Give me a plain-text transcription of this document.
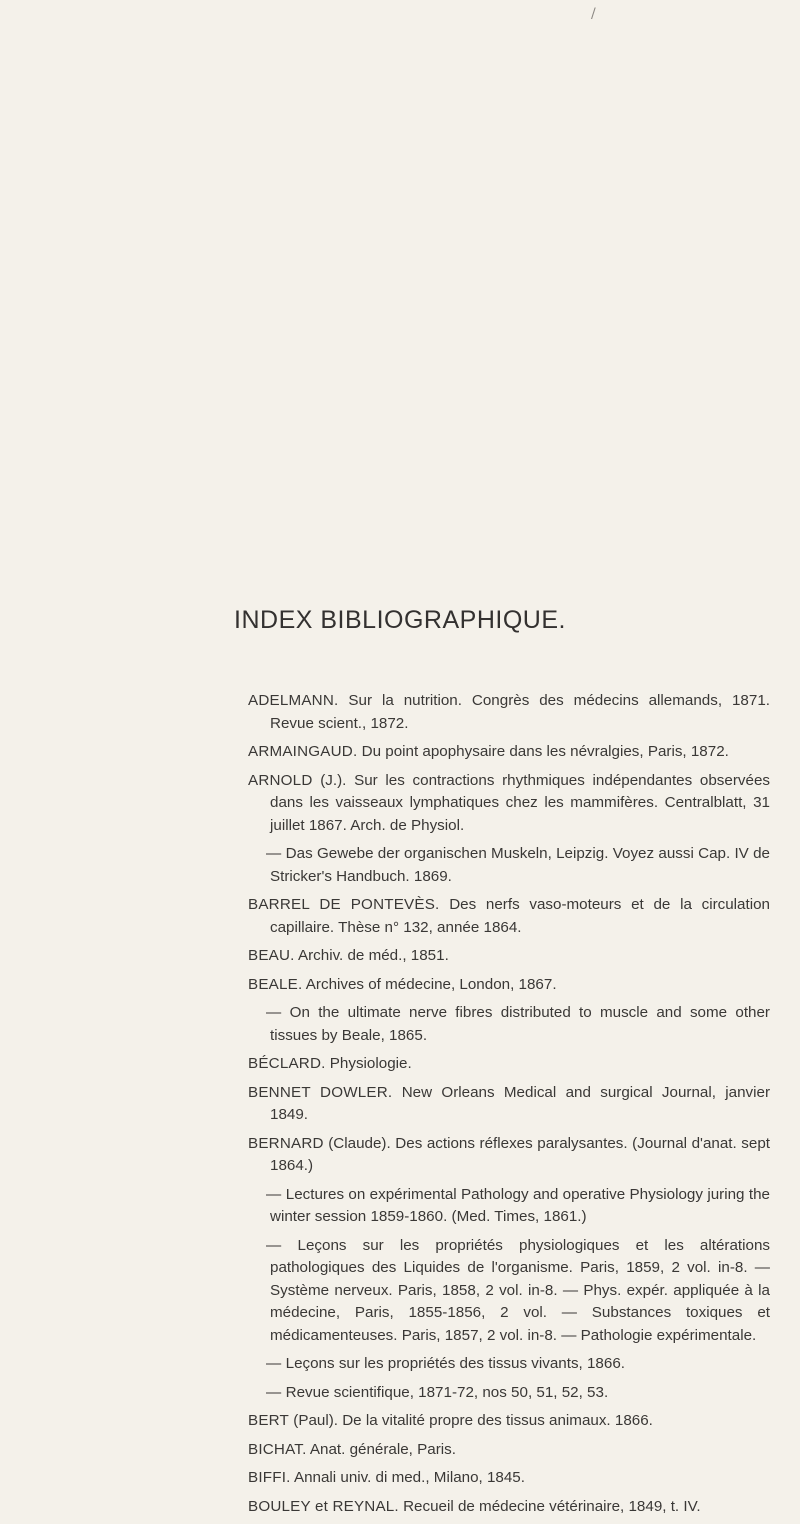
/
INDEX BIBLIOGRAPHIQUE.

ADELMANN. Sur la nutrition. Congrès des médecins allemands, 1871. Revue scient., 1872.

ARMAINGAUD. Du point apophysaire dans les névralgies, Paris, 1872.

ARNOLD (J.). Sur les contractions rhythmiques indépendantes observées dans les vaisseaux lymphatiques chez les mammifères. Centralblatt, 31 juillet 1867. Arch. de Physiol.

— Das Gewebe der organischen Muskeln, Leipzig. Voyez aussi Cap. IV de Stricker's Handbuch. 1869.

BARREL DE PONTEVÈS. Des nerfs vaso-moteurs et de la circulation capillaire. Thèse n° 132, année 1864.

BEAU. Archiv. de méd., 1851.

BEALE. Archives of médecine, London, 1867.

— On the ultimate nerve fibres distributed to muscle and some other tissues by Beale, 1865.

BÉCLARD. Physiologie.

BENNET DOWLER. New Orleans Medical and surgical Journal, janvier 1849.

BERNARD (Claude). Des actions réflexes paralysantes. (Journal d'anat. sept 1864.)

— Lectures on expérimental Pathology and operative Physiology juring the winter session 1859-1860. (Med. Times, 1861.)

— Leçons sur les propriétés physiologiques et les altérations pathologiques des Liquides de l'organisme. Paris, 1859, 2 vol. in-8. — Système nerveux. Paris, 1858, 2 vol. in-8. — Phys. expér. appliquée à la médecine, Paris, 1855-1856, 2 vol. — Substances toxiques et médicamenteuses. Paris, 1857, 2 vol. in-8. — Pathologie expérimentale.

— Leçons sur les propriétés des tissus vivants, 1866.

— Revue scientifique, 1871-72, nos 50, 51, 52, 53.

BERT (Paul). De la vitalité propre des tissus animaux. 1866.

BICHAT. Anat. générale, Paris.

BIFFI. Annali univ. di med., Milano, 1845.

BOULEY et REYNAL. Recueil de médecine vétérinaire, 1849, t. IV.
